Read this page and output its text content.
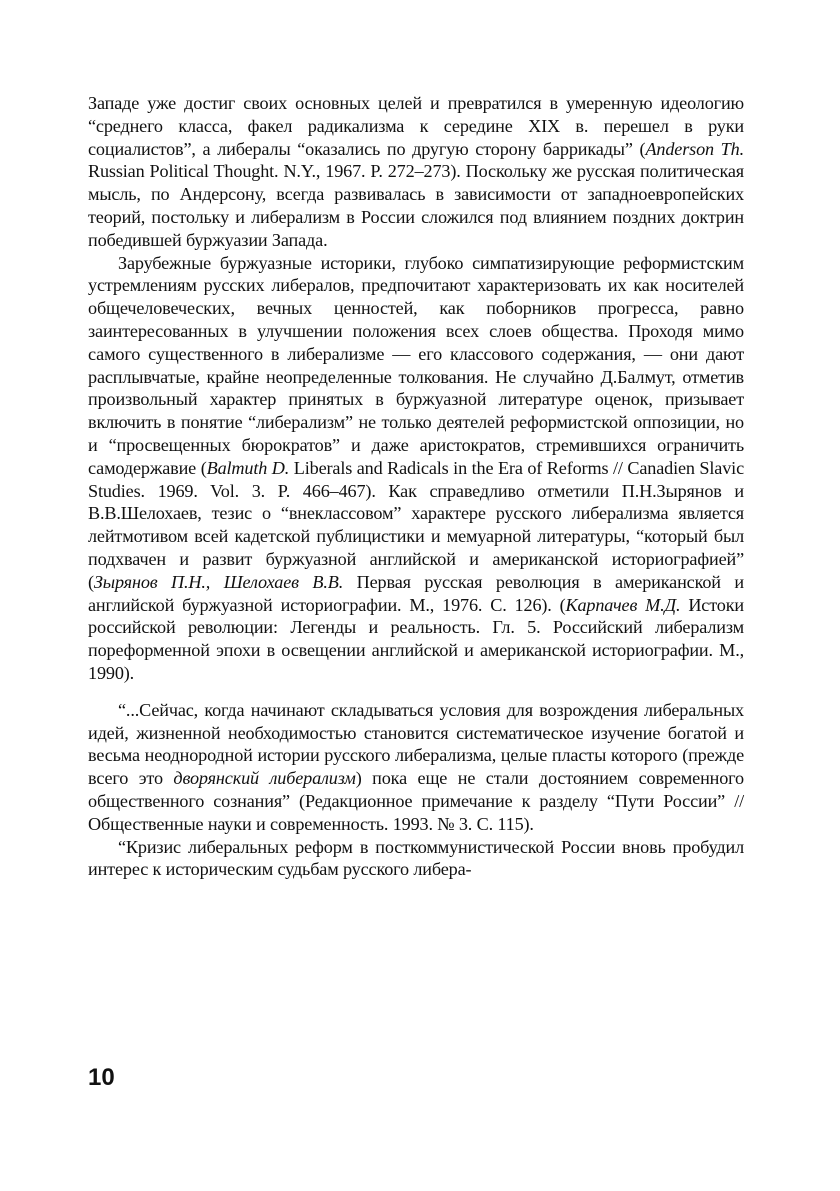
Западе уже достиг своих основных целей и превратился в умеренную идеологию “среднего класса, факел радикализма к середине XIX в. перешел в руки социалистов”, а либералы “оказались по другую сторону баррикады” (Anderson Th. Russian Political Thought. N.Y., 1967. P. 272–273). Поскольку же русская политическая мысль, по Андерсону, всегда развивалась в зависимости от западноевропейских теорий, постольку и либерализм в России сложился под влиянием поздних доктрин победившей буржуазии Запада.

Зарубежные буржуазные историки, глубоко симпатизирующие реформистским устремлениям русских либералов, предпочитают характеризовать их как носителей общечеловеческих, вечных ценностей, как поборников прогресса, равно заинтересованных в улучшении положения всех слоев общества. Проходя мимо самого существенного в либерализме — его классового содержания, — они дают расплывчатые, крайне неопределенные толкования. Не случайно Д.Балмут, отметив произвольный характер принятых в буржуазной литературе оценок, призывает включить в понятие “либерализм” не только деятелей реформистской оппозиции, но и “просвещенных бюрократов” и даже аристократов, стремившихся ограничить самодержавие (Balmuth D. Liberals and Radicals in the Era of Reforms // Canadien Slavic Studies. 1969. Vol. 3. P. 466–467). Как справедливо отметили П.Н.Зырянов и В.В.Шелохаев, тезис о “внеклассовом” характере русского либерализма является лейтмотивом всей кадетской публицистики и мемуарной литературы, “который был подхвачен и развит буржуазной английской и американской историографией” (Зырянов П.Н., Шелохаев В.В. Первая русская революция в американской и английской буржуазной историографии. М., 1976. С. 126). (Карпачев М.Д. Истоки российской революции: Легенды и реальность. Гл. 5. Российский либерализм пореформенной эпохи в освещении английской и американской историографии. М., 1990).

“...Сейчас, когда начинают складываться условия для возрождения либеральных идей, жизненной необходимостью становится систематическое изучение богатой и весьма неоднородной истории русского либерализма, целые пласты которого (прежде всего это дворянский либерализм) пока еще не стали достоянием современного общественного сознания” (Редакционное примечание к разделу “Пути России” // Общественные науки и современность. 1993. № 3. С. 115).

“Кризис либеральных реформ в посткоммунистической России вновь пробудил интерес к историческим судьбам русского либера-

10
